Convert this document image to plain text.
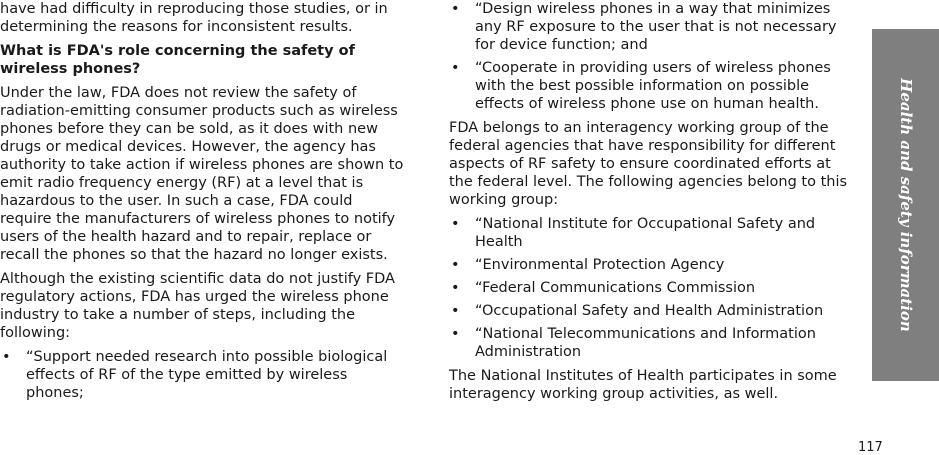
have had difficulty in reproducing those studies, or in determining the reasons for inconsistent results.

What is FDA's role concerning the safety of wireless phones?

Under the law, FDA does not review the safety of radiation-emitting consumer products such as wireless phones before they can be sold, as it does with new drugs or medical devices. However, the agency has authority to take action if wireless phones are shown to emit radio frequency energy (RF) at a level that is hazardous to the user. In such a case, FDA could require the manufacturers of wireless phones to notify users of the health hazard and to repair, replace or recall the phones so that the hazard no longer exists.

Although the existing scientific data do not justify FDA regulatory actions, FDA has urged the wireless phone industry to take a number of steps, including the following:

• “Support needed research into possible biological effects of RF of the type emitted by wireless phones;
• “Design wireless phones in a way that minimizes any RF exposure to the user that is not necessary for device function; and
• “Cooperate in providing users of wireless phones with the best possible information on possible effects of wireless phone use on human health.

FDA belongs to an interagency working group of the federal agencies that have responsibility for different aspects of RF safety to ensure coordinated efforts at the federal level. The following agencies belong to this working group:

• “National Institute for Occupational Safety and Health
• “Environmental Protection Agency
• “Federal Communications Commission
• “Occupational Safety and Health Administration
• “National Telecommunications and Information Administration

The National Institutes of Health participates in some interagency working group activities, as well.

Health and safety information
117
